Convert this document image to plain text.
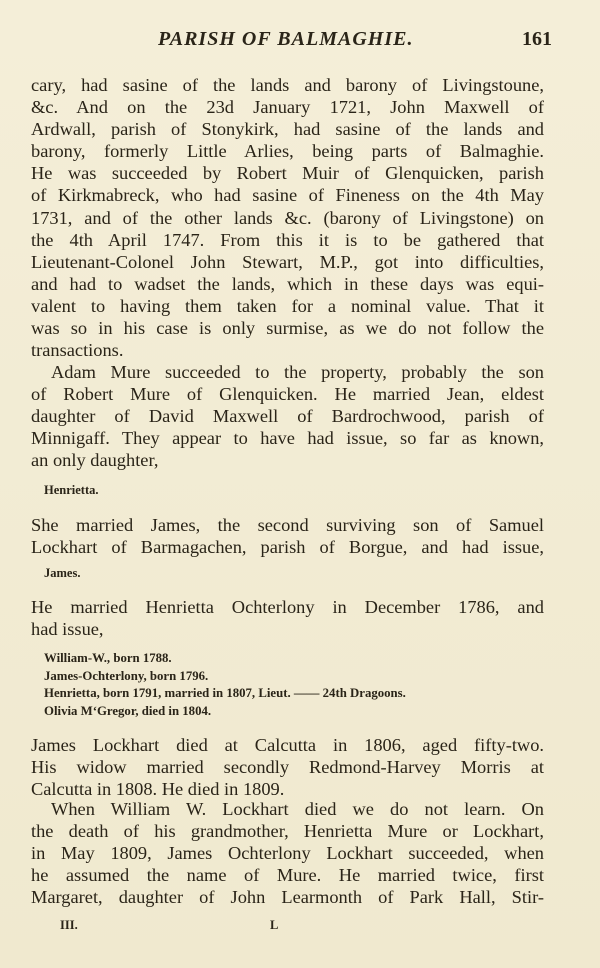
PARISH OF BALMAGHIE.	161
cary, had sasine of the lands and barony of Livingstoune,
&c. And on the 23d January 1721, John Maxwell of
Ardwall, parish of Stonykirk, had sasine of the lands and
barony, formerly Little Arlies, being parts of Balmaghie.
He was succeeded by Robert Muir of Glenquicken, parish
of Kirkmabreck, who had sasine of Fineness on the 4th May
1731, and of the other lands &c. (barony of Livingstone) on
the 4th April 1747. From this it is to be gathered that
Lieutenant-Colonel John Stewart, M.P., got into difficulties,
and had to wadset the lands, which in these days was equi-
valent to having them taken for a nominal value. That it
was so in his case is only surmise, as we do not follow the
transactions.
Adam Mure succeeded to the property, probably the son
of Robert Mure of Glenquicken. He married Jean, eldest
daughter of David Maxwell of Bardrochwood, parish of
Minnigaff. They appear to have had issue, so far as known,
an only daughter,
Henrietta.
She married James, the second surviving son of Samuel
Lockhart of Barmagachen, parish of Borgue, and had issue,
James.
He married Henrietta Ochterlony in December 1786, and
had issue,
William-W., born 1788.
James-Ochterlony, born 1796.
Henrietta, born 1791, married in 1807, Lieut. —— 24th Dragoons.
Olivia M‘Gregor, died in 1804.
James Lockhart died at Calcutta in 1806, aged fifty-two.
His widow married secondly Redmond-Harvey Morris at
Calcutta in 1808. He died in 1809.
When William W. Lockhart died we do not learn. On
the death of his grandmother, Henrietta Mure or Lockhart,
in May 1809, James Ochterlony Lockhart succeeded, when
he assumed the name of Mure. He married twice, first
Margaret, daughter of John Learmonth of Park Hall, Stir-
III.	L
